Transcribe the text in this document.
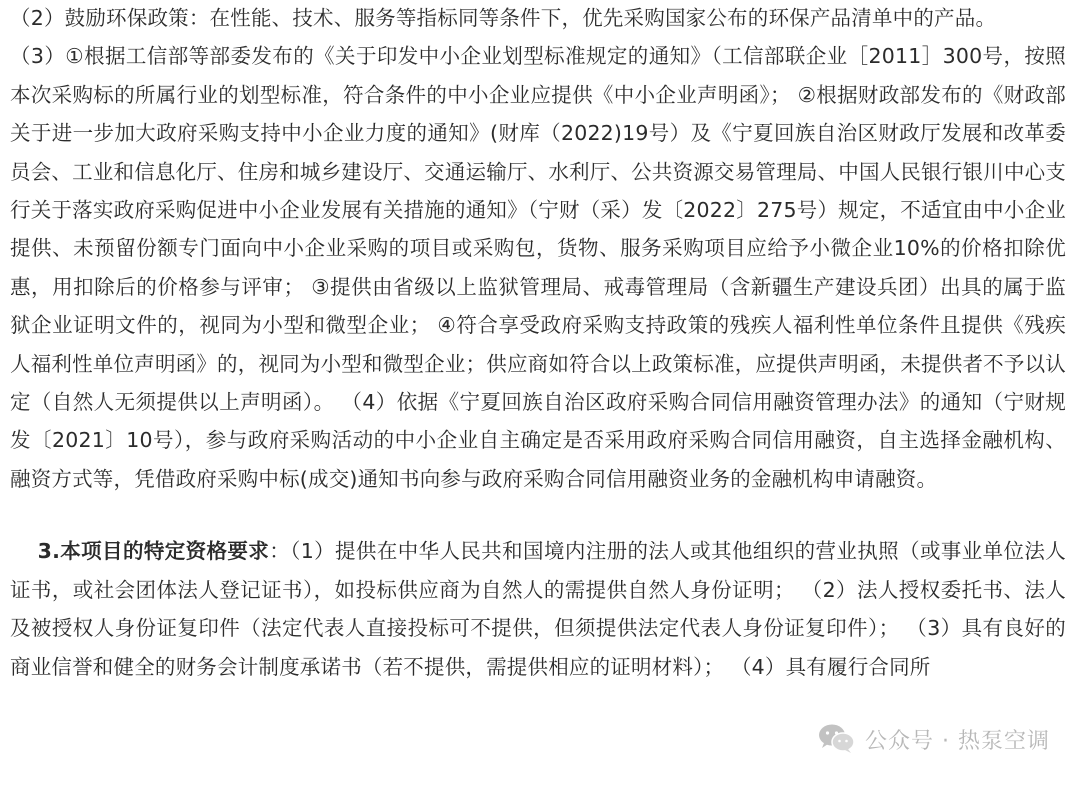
（2）鼓励环保政策：在性能、技术、服务等指标同等条件下，优先采购国家公布的环保产品清单中的产品。

（3）①根据工信部等部委发布的《关于印发中小企业划型标准规定的通知》（工信部联企业［2011］300号，按照本次采购标的所属行业的划型标准，符合条件的中小企业应提供《中小企业声明函》； ②根据财政部发布的《财政部关于进一步加大政府采购支持中小企业力度的通知》(财库（2022)19号）及《宁夏回族自治区财政厅发展和改革委员会、工业和信息化厅、住房和城乡建设厅、交通运输厅、水利厅、公共资源交易管理局、中国人民银行银川中心支行关于落实政府采购促进中小企业发展有关措施的通知》（宁财（采）发〔2022〕275号）规定，不适宜由中小企业提供、未预留份额专门面向中小企业采购的项目或采购包，货物、服务采购项目应给予小微企业10%的价格扣除优惠，用扣除后的价格参与评审； ③提供由省级以上监狱管理局、戒毒管理局（含新疆生产建设兵团）出具的属于监狱企业证明文件的，视同为小型和微型企业； ④符合享受政府采购支持政策的残疾人福利性单位条件且提供《残疾人福利性单位声明函》的，视同为小型和微型企业；供应商如符合以上政策标准，应提供声明函，未提供者不予以认定（自然人无须提供以上声明函）。 （4）依据《宁夏回族自治区政府采购合同信用融资管理办法》的通知（宁财规发〔2021〕10号），参与政府采购活动的中小企业自主确定是否采用政府采购合同信用融资，自主选择金融机构、融资方式等，凭借政府采购中标(成交)通知书向参与政府采购合同信用融资业务的金融机构申请融资。

3.本项目的特定资格要求：（1）提供在中华人民共和国境内注册的法人或其他组织的营业执照（或事业单位法人证书，或社会团体法人登记证书），如投标供应商为自然人的需提供自然人身份证明； （2）法人授权委托书、法人及被授权人身份证复印件（法定代表人直接投标可不提供，但须提供法定代表人身份证复印件）； （3）具有良好的商业信誉和健全的财务会计制度承诺书（若不提供，需提供相应的证明材料）； （4）具有履行合同所

公众号 · 热泵空调
